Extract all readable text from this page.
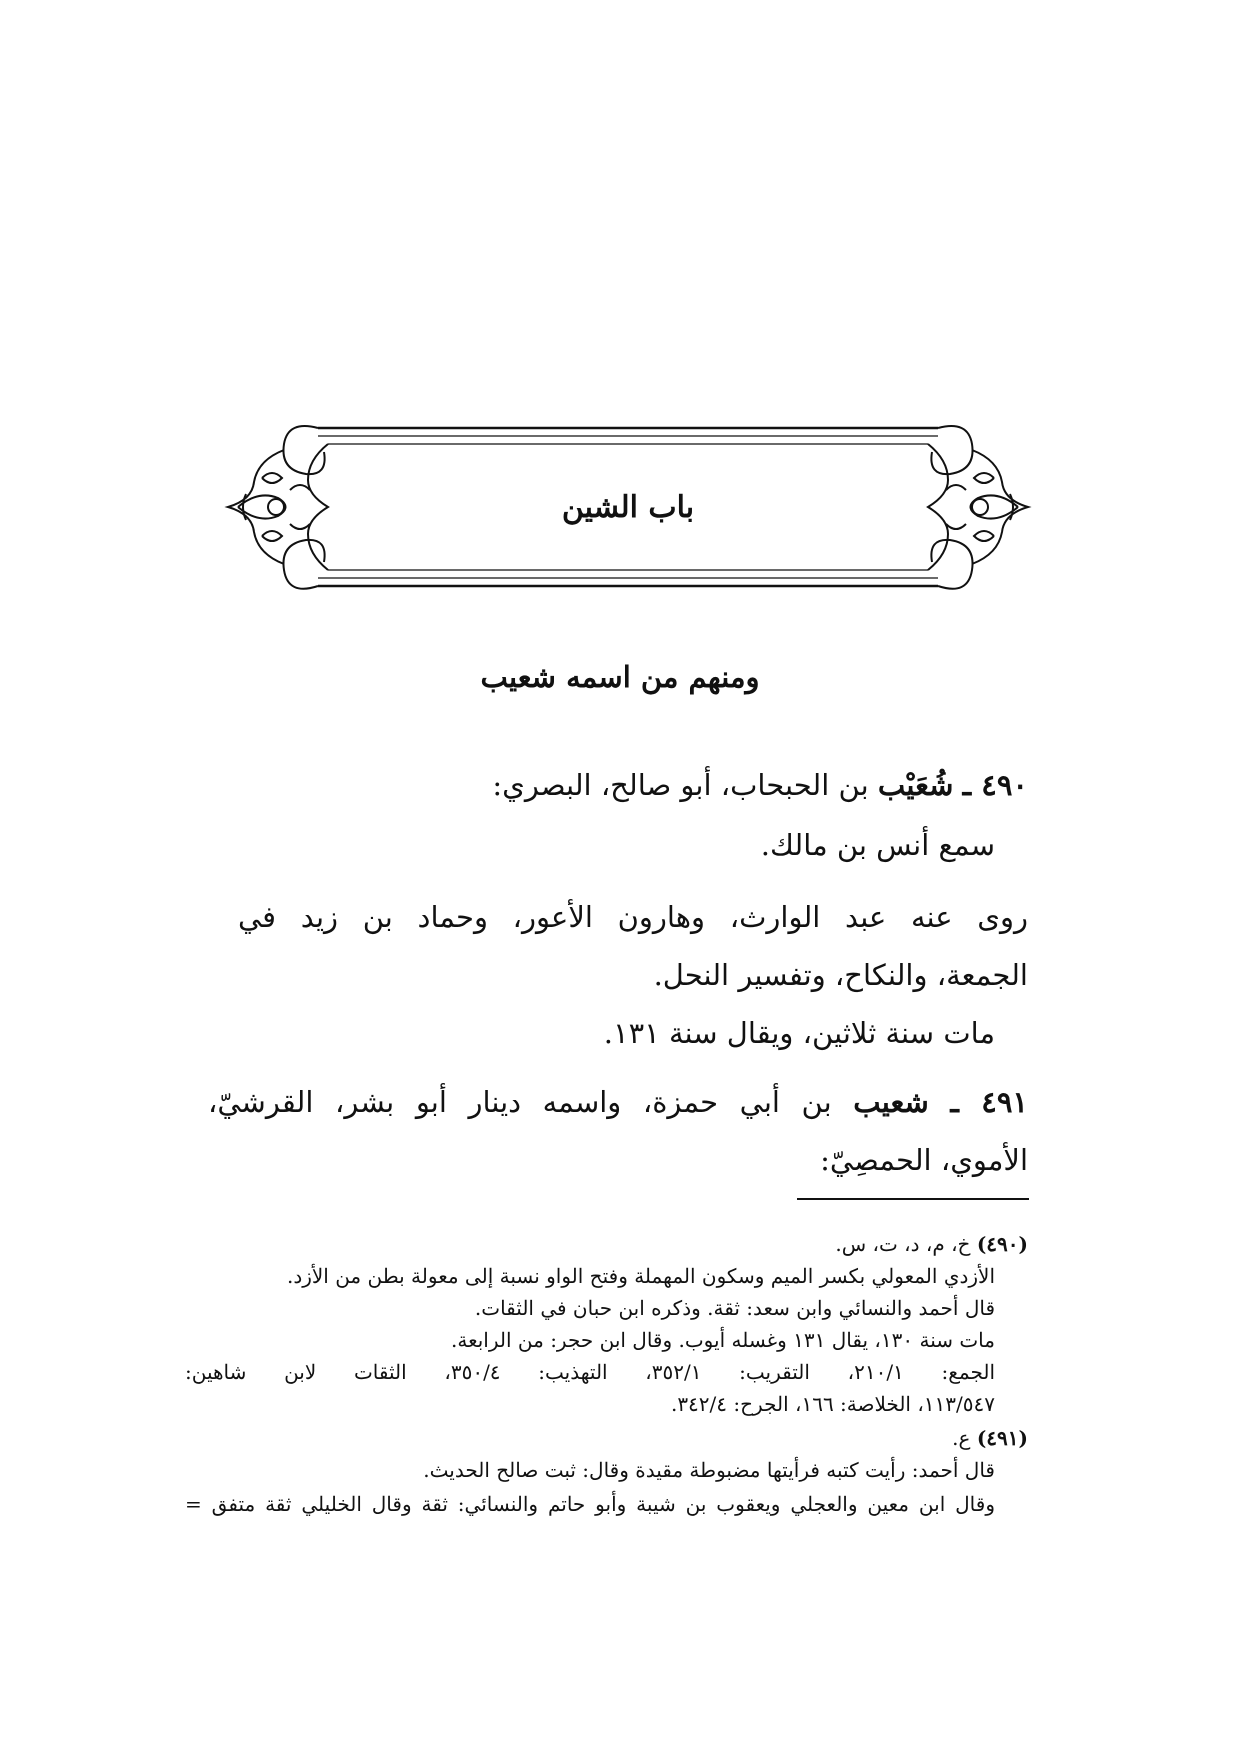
باب الشين
ومنهم من اسمه شعيب
٤٩٠ ـ شُعَيْب بن الحبحاب، أبو صالح، البصري:
سمع أنس بن مالك.
روى عنه عبد الوارث، وهارون الأعور، وحماد بن زيد في
الجمعة، والنكاح، وتفسير النحل.
مات سنة ثلاثين، ويقال سنة ١٣١.
٤٩١ ـ شعيب بن أبي حمزة، واسمه دينار أبو بشر، القرشيّ،
الأموي، الحمصِيّ:
(٤٩٠) خ، م، د، ت، س.
الأزدي المعولي بكسر الميم وسكون المهملة وفتح الواو نسبة إلى معولة بطن من الأزد.
قال أحمد والنسائي وابن سعد: ثقة. وذكره ابن حبان في الثقات.
مات سنة ١٣٠، يقال ١٣١ وغسله أيوب. وقال ابن حجر: من الرابعة.
الجمع: ٢١٠/١، التقريب: ٣٥٢/١، التهذيب: ٣٥٠/٤، الثقات لابن شاهين:
١١٣/٥٤٧، الخلاصة: ١٦٦، الجرح: ٣٤٢/٤.
(٤٩١) ع.
قال أحمد: رأيت كتبه فرأيتها مضبوطة مقيدة وقال: ثبت صالح الحديث.
وقال ابن معين والعجلي ويعقوب بن شيبة وأبو حاتم والنسائي: ثقة وقال الخليلي ثقة متفق =
